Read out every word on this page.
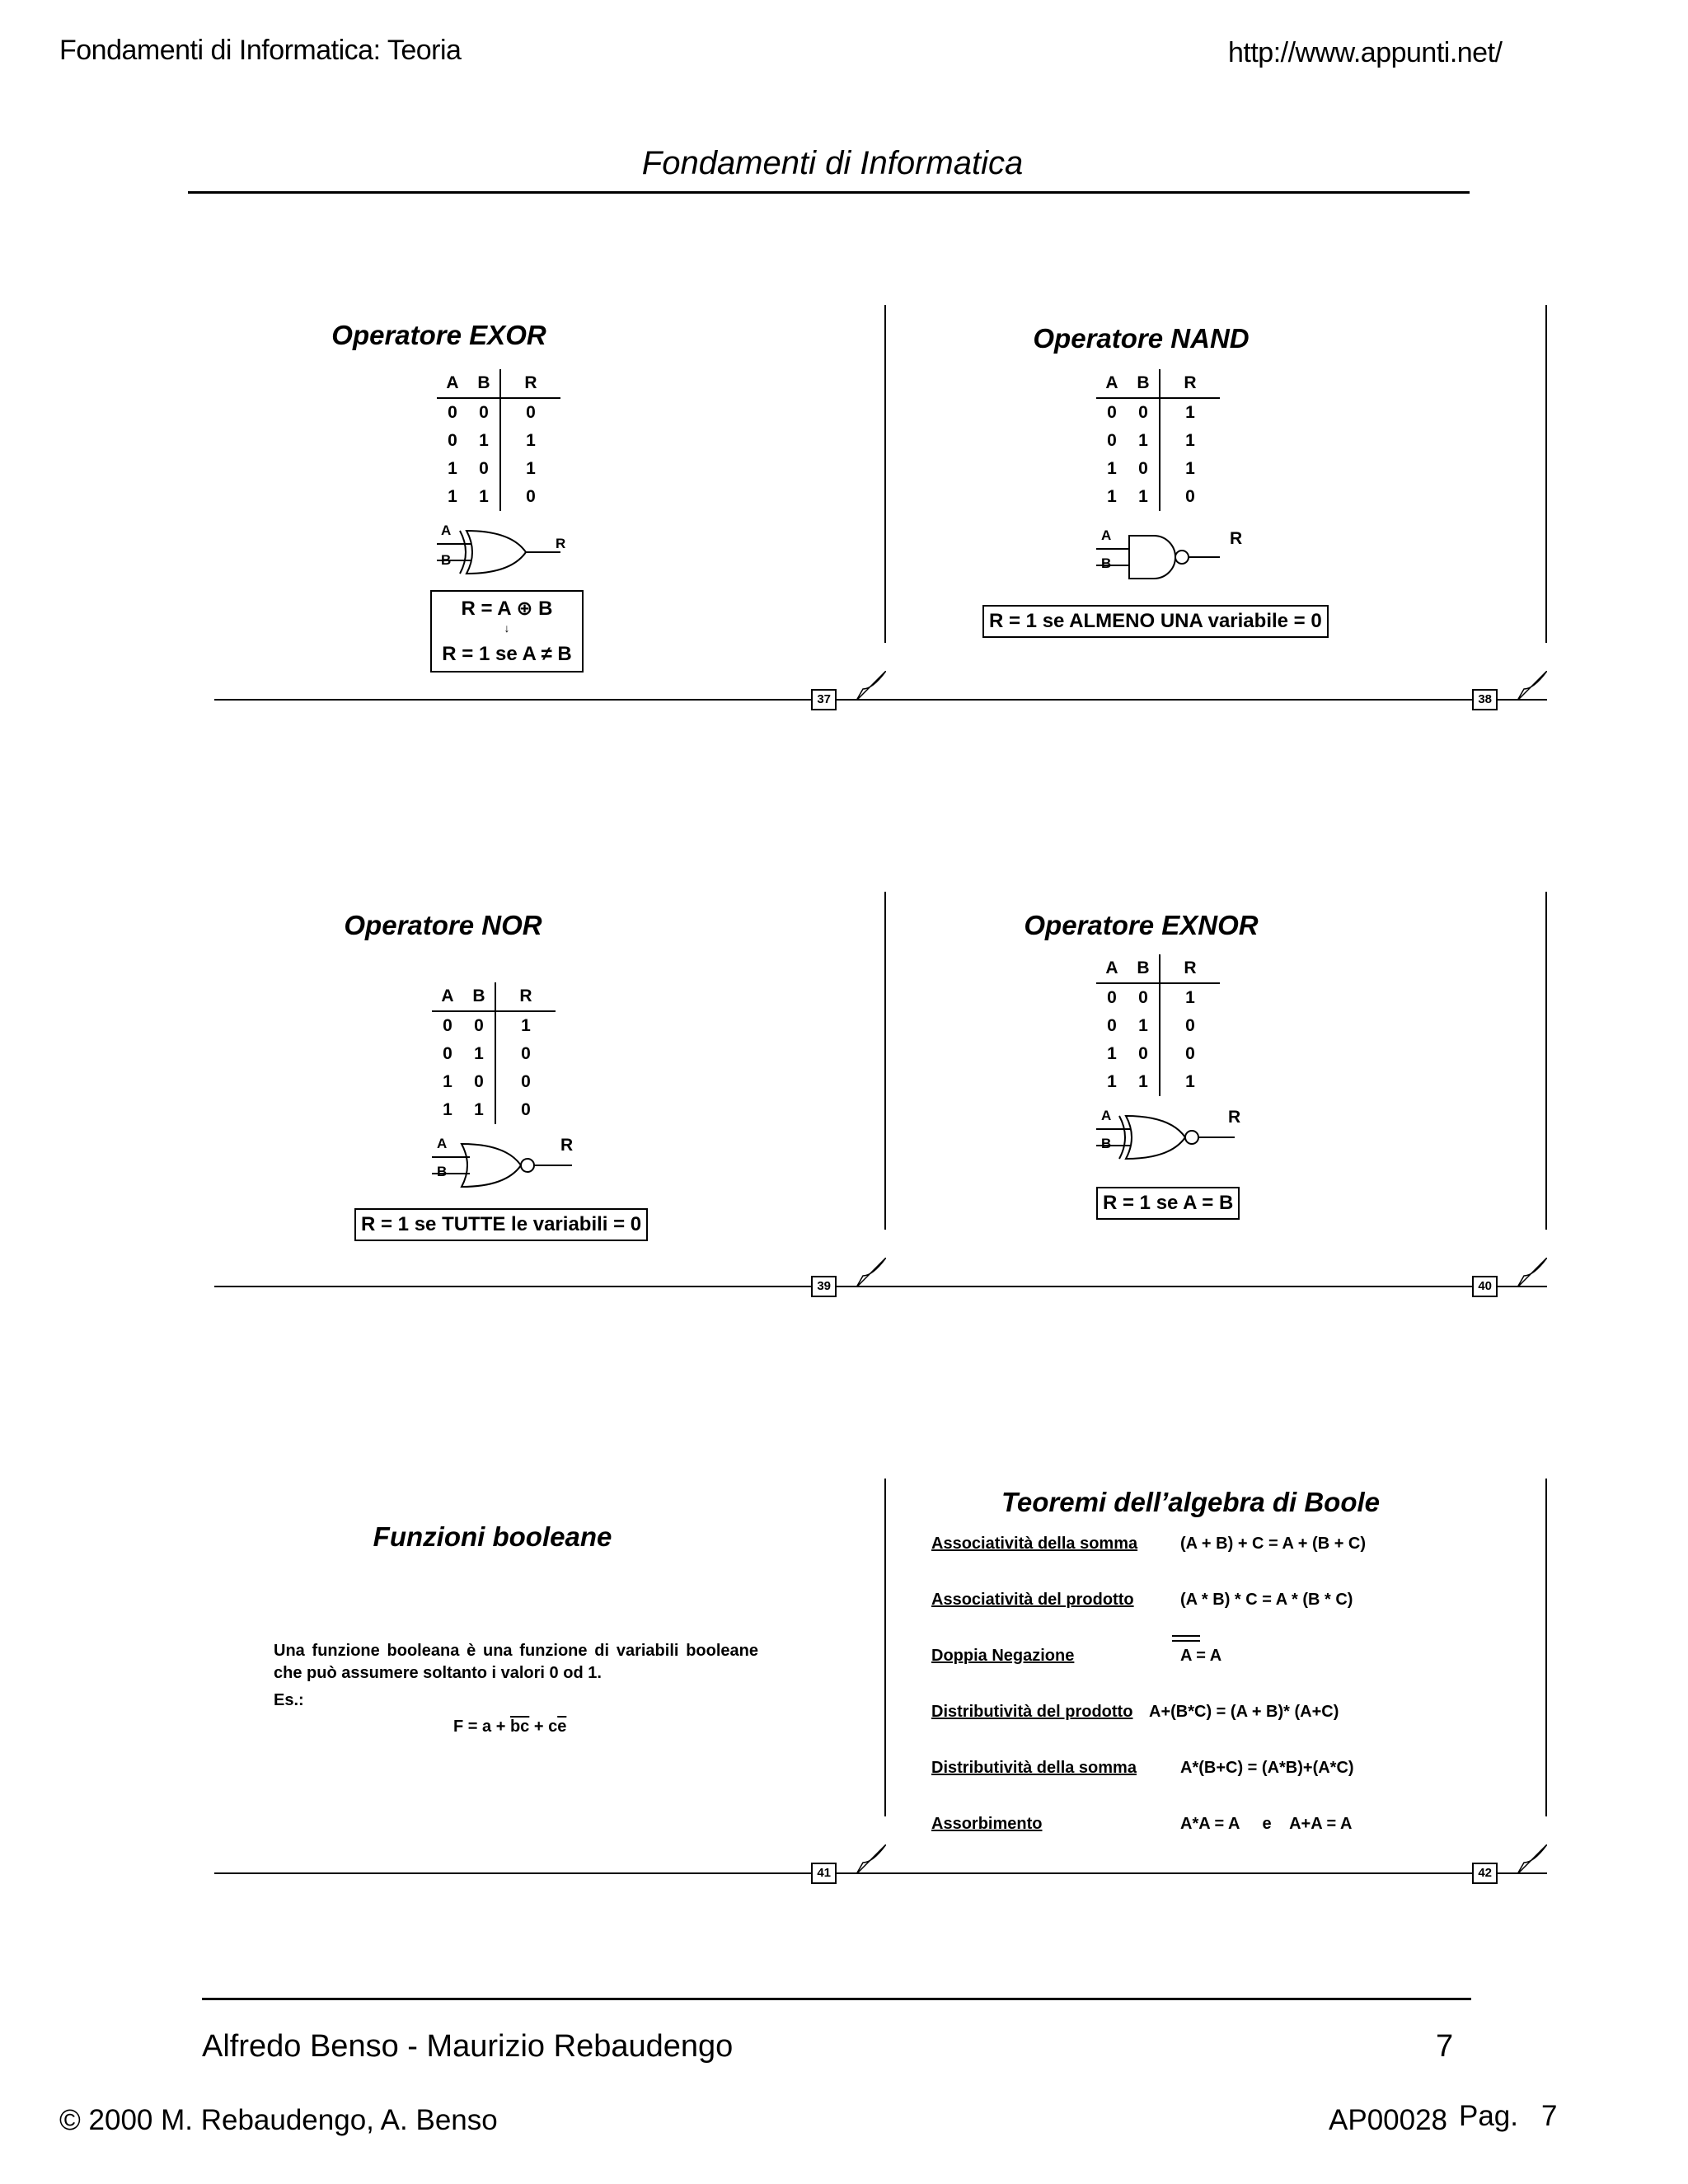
Fondamenti di Informatica: Teoria	http://www.appunti.net/
Fondamenti di Informatica
37
Operatore EXOR
A	B	R
0	0	0
0	1	1
1	0	1
1	1	0
A
B
R
R = A ⊕ B
↓
R = 1 se A ≠ B
38
Operatore NAND
A	B	R
0	0	1
0	1	1
1	0	1
1	1	0
A
B
R
R = 1 se ALMENO UNA variabile = 0
39
Operatore NOR
A	B	R
0	0	1
0	1	0
1	0	0
1	1	0
A
B
R
R = 1 se TUTTE le variabili = 0
40
Operatore EXNOR
A	B	R
0	0	1
0	1	0
1	0	0
1	1	1
A
B
R
R = 1 se A = B
41
Funzioni booleane
Una funzione booleana è una funzione di variabili booleane che può assumere soltanto i valori 0 od 1.
Es.:
$F = a + \overline{bc} + c\overline{e}$
42
Teoremi dell’algebra di Boole
Associatività della somma	(A + B) + C = A + (B + C)
Associatività del prodotto	(A * B) * C = A * (B * C)
Doppia Negazione	A = A
Distributività del prodotto A+(B*C) = (A + B)* (A+C)
Distributività della somma	A*(B+C) = (A*B)+(A*C)
Assorbimento	A*A = A     e    A+A = A
Alfredo Benso - Maurizio Rebaudengo	7
© 2000 M. Rebaudengo, A. Benso	AP00028 Pag. 7
